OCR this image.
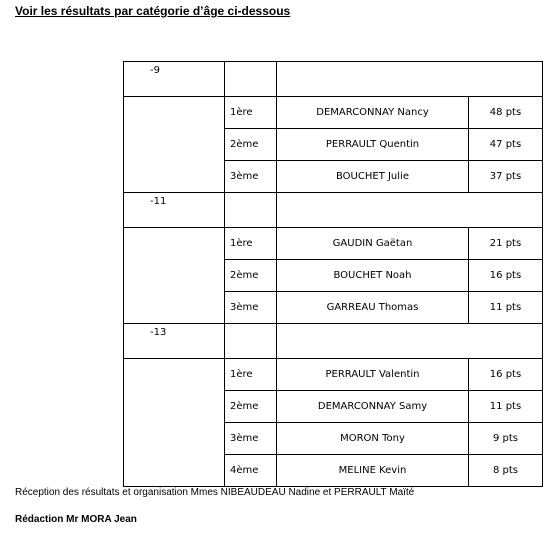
Voir les résultats par catégorie d’âge ci-dessous
-9			
	1ère	DEMARCONNAY Nancy	48 pts
	2ème	PERRAULT Quentin	47 pts
	3ème	BOUCHET Julie	37 pts
-11			
	1ère	GAUDIN Gaëtan	21 pts
	2ème	BOUCHET Noah	16 pts
	3ème	GARREAU Thomas	11 pts
-13			
	1ère	PERRAULT Valentin	16 pts
	2ème	DEMARCONNAY Samy	11 pts
	3ème	MORON Tony	9 pts
	4ème	MELINE Kevin	8 pts
Réception des résultats et organisation Mmes NIBEAUDEAU Nadine et PERRAULT Maïté
Rédaction Mr MORA Jean
